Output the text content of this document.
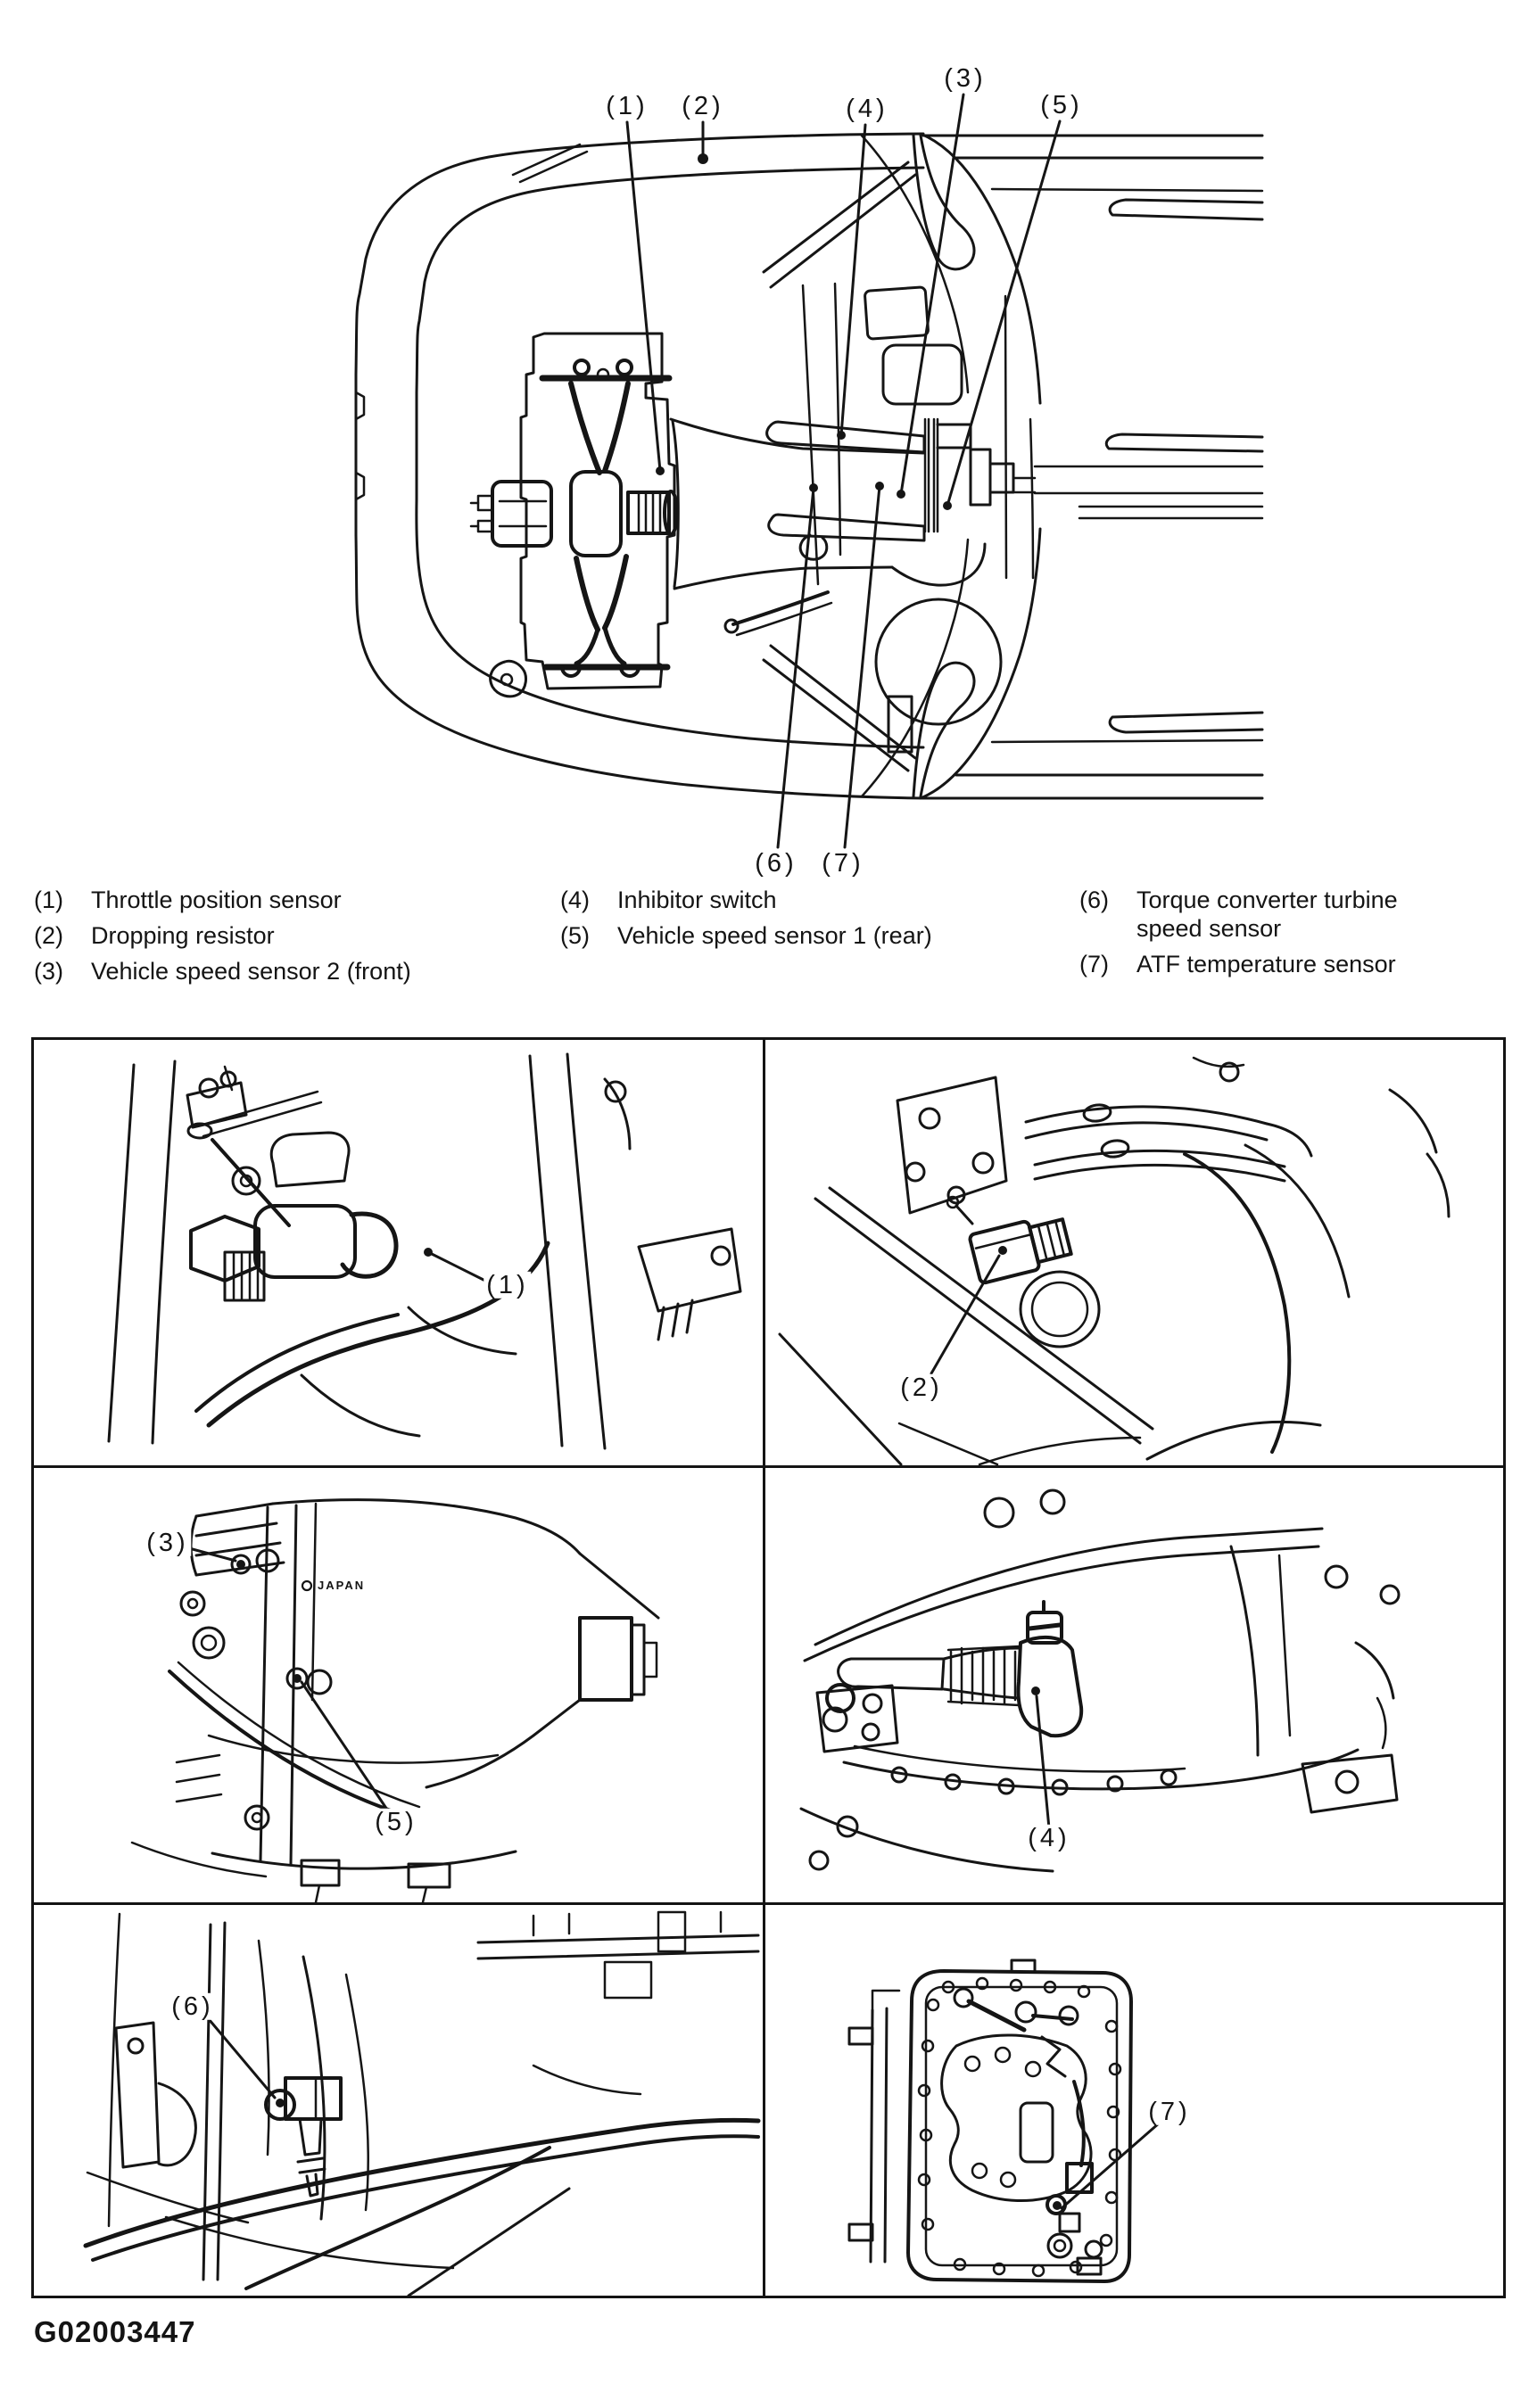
(1) (2)	(4)
(3)
(5)
(6) (7)
(1)	Throttle position sensor
(2)	Dropping resistor
(3)	Vehicle speed sensor 2 (front)
(4)	Inhibitor switch
(5)	Vehicle speed sensor 1 (rear)
(6)	Torque converter turbine speed sensor
(7)	ATF temperature sensor
(1)
(2)
(3)
(5)
JAPAN
(4)
(6)
(7)
G02003447
